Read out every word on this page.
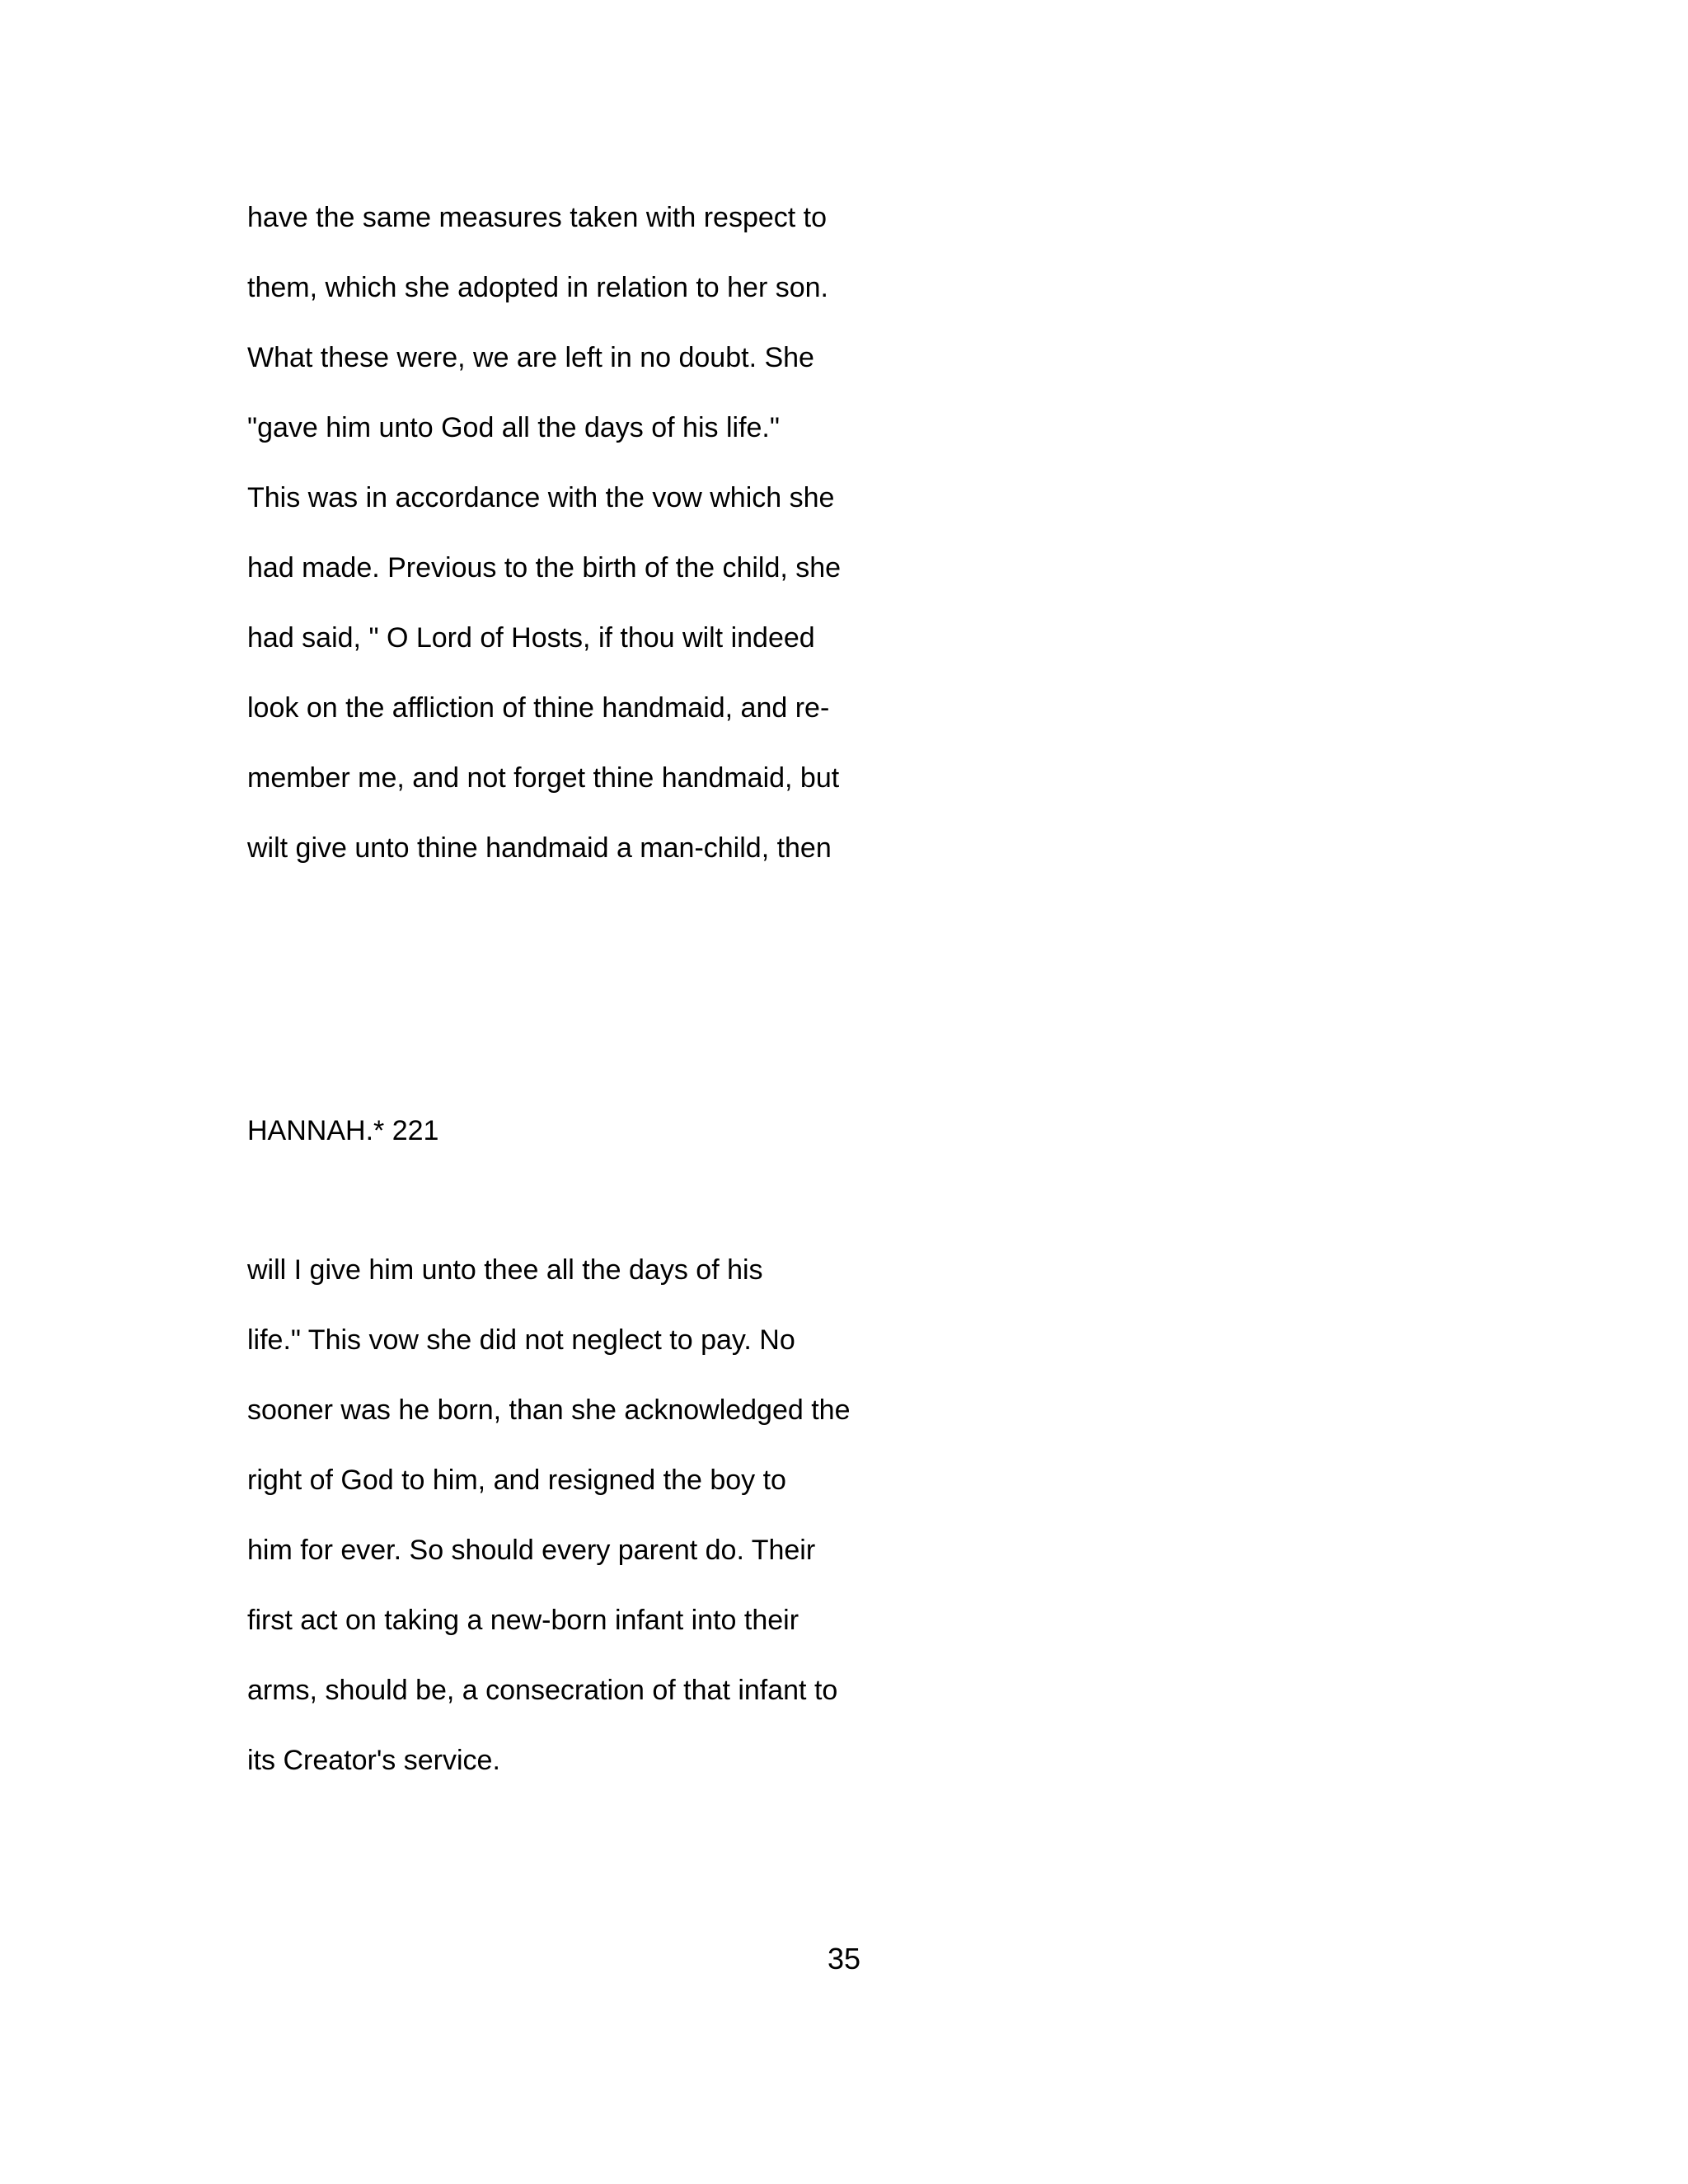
have the same measures taken with respect to
them, which she adopted in relation to her son.
What these were, we are left in no doubt. She
"gave him unto God all the days of his life."
This was in accordance with the vow which she
had made. Previous to the birth of the child, she
had said, " O Lord of Hosts, if thou wilt indeed
look on the affliction of thine handmaid, and re-
member me, and not forget thine handmaid, but
wilt give unto thine handmaid a man-child, then
HANNAH.* 221
will I give him unto thee all the days of his
life." This vow she did not neglect to pay. No
sooner was he born, than she acknowledged the
right of God to him, and resigned the boy to
him for ever. So should every parent do. Their
first act on taking a new-born infant into their
arms, should be, a consecration of that infant to
its Creator's service.
35
